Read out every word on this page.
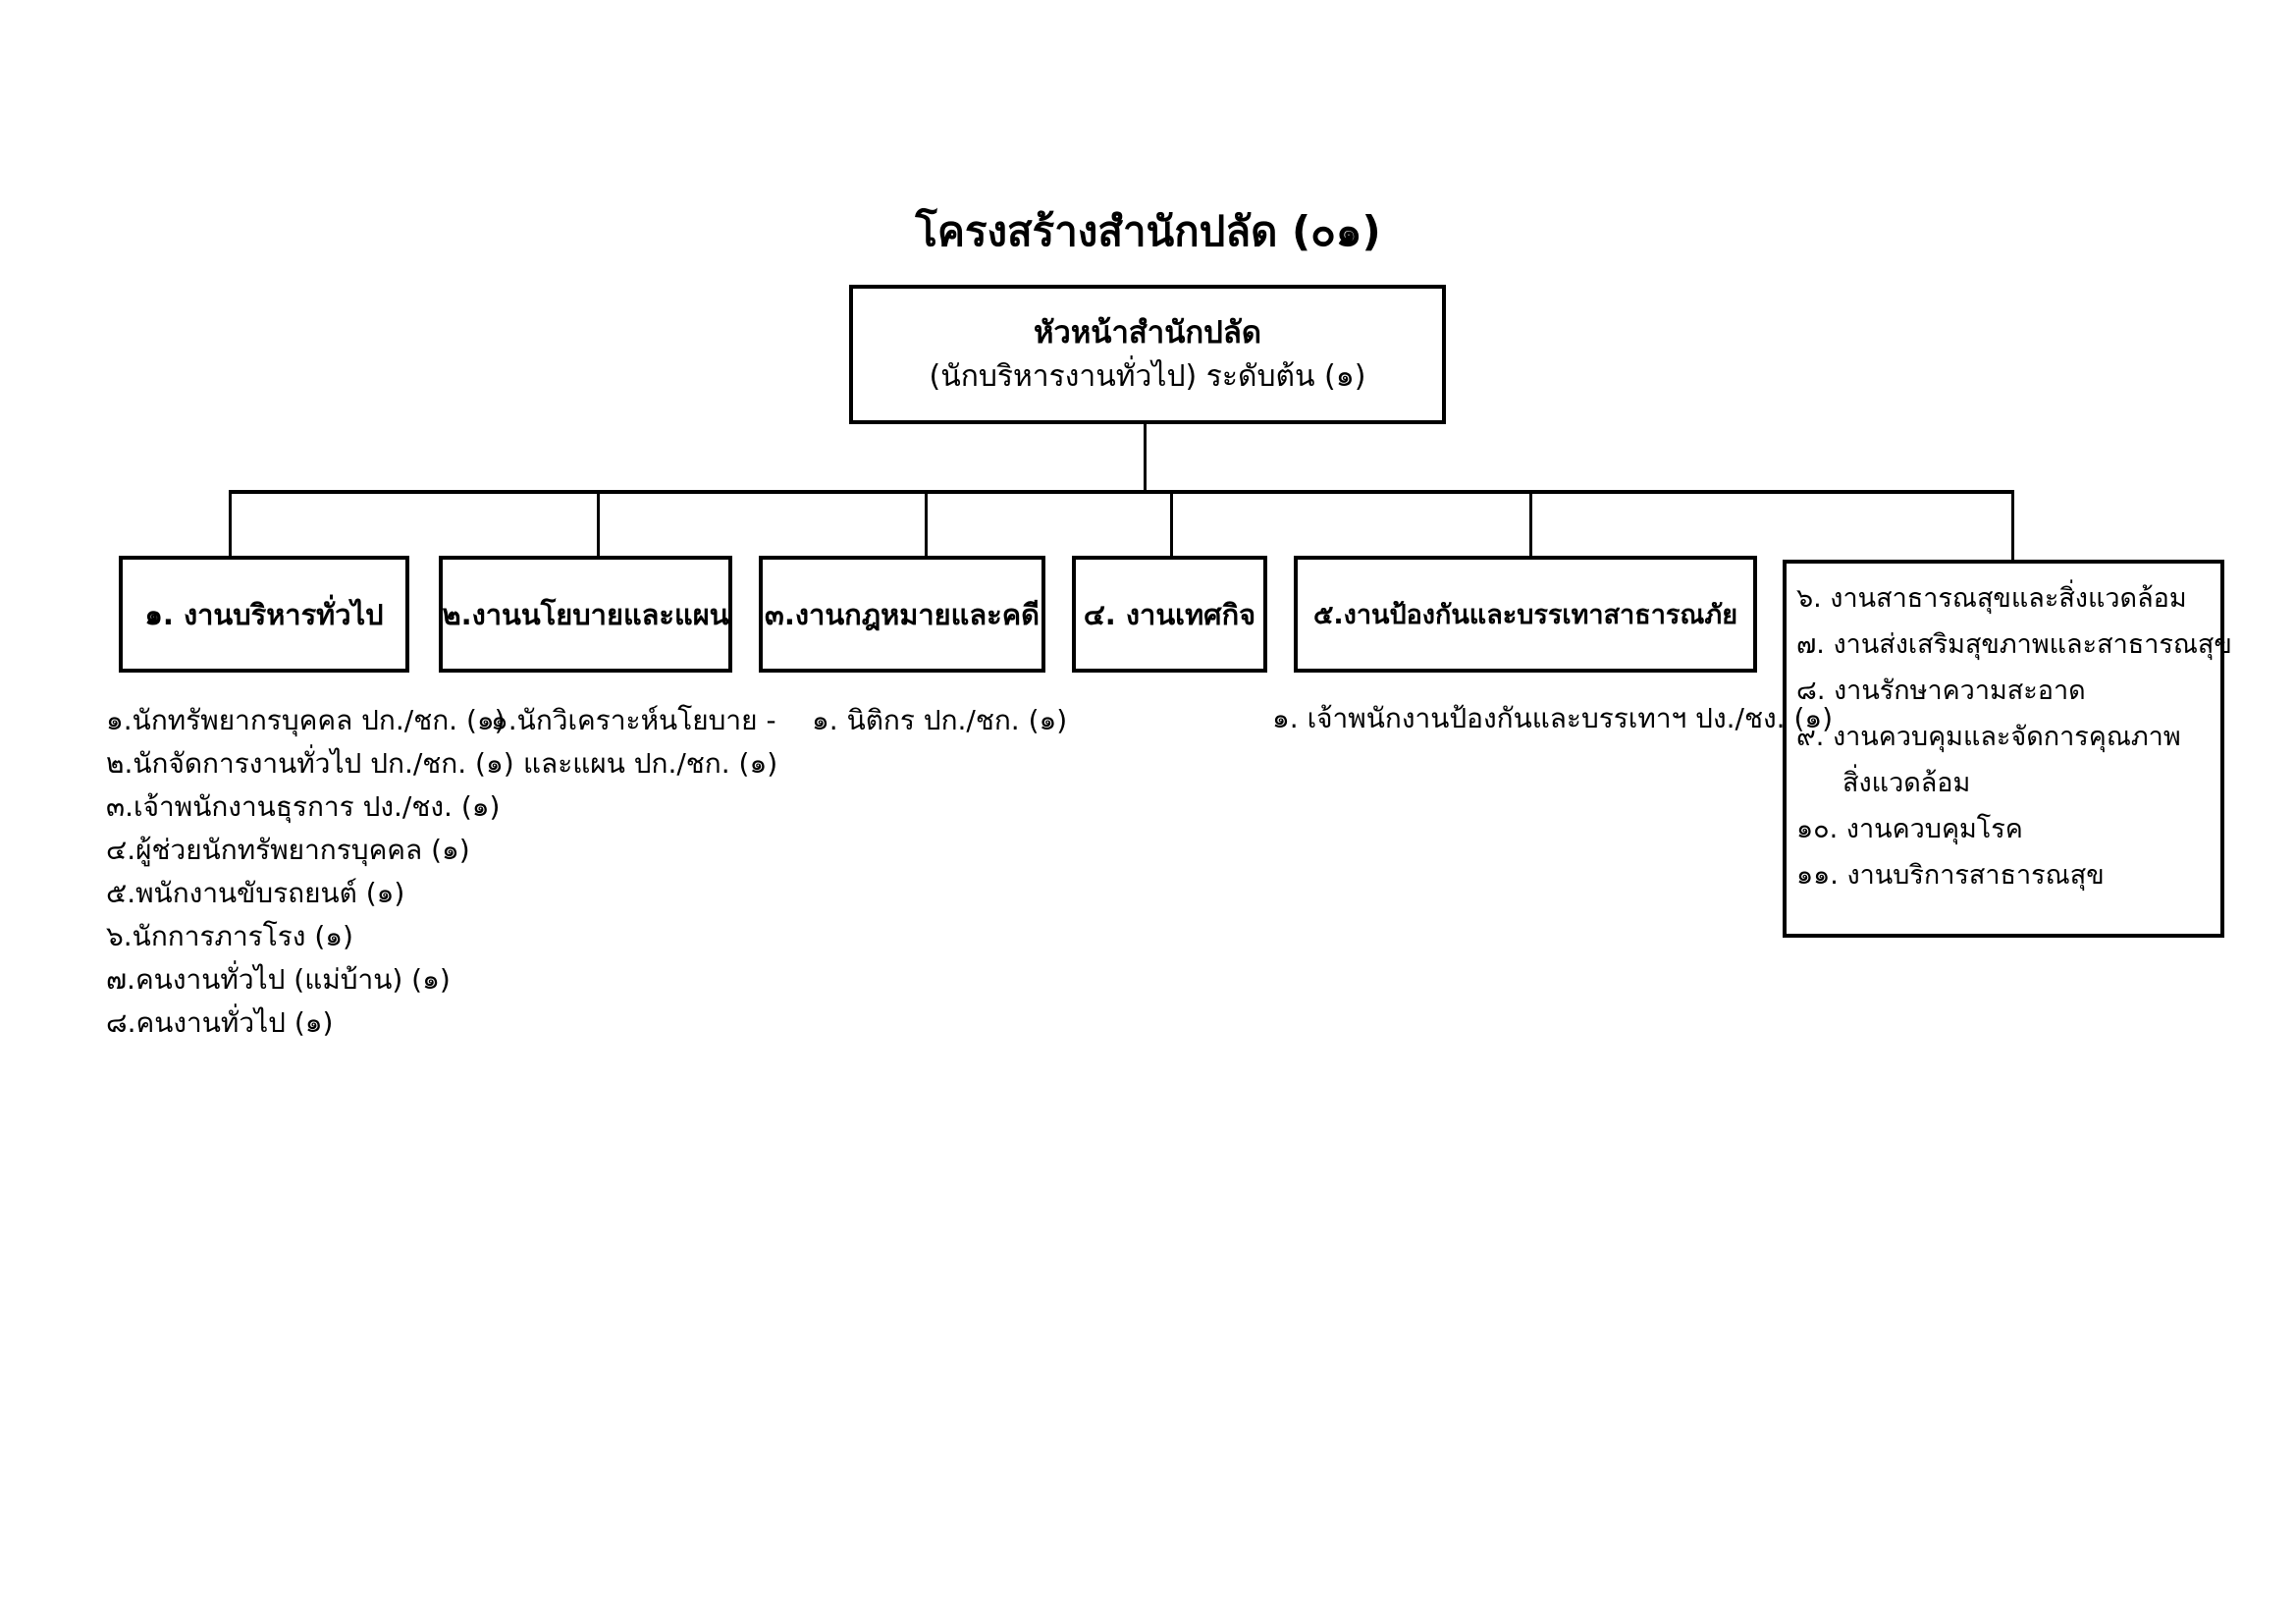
โครงสร้างสำนักปลัด (๐๑)
หัวหน้าสำนักปลัด
(นักบริหารงานทั่วไป) ระดับต้น (๑)
๑. งานบริหารทั่วไป	๒.งานนโยบายและแผน ๓.งานกฎหมายและคดี	๔. งานเทศกิจ	๕.งานป้องกันและบรรเทาสาธารณภัย
๖. งานสาธารณสุขและสิ่งแวดล้อม
๗. งานส่งเสริมสุขภาพและสาธารณสุข
๘. งานรักษาความสะอาด
๙. งานควบคุมและจัดการคุณภาพ
สิ่งแวดล้อม
๑๐. งานควบคุมโรค
๑๑. งานบริการสาธารณสุข
๑.นักทรัพยากรบุคคล ปก./ชก. (๑)
๒.นักจัดการงานทั่วไป ปก./ชก. (๑)
๓.เจ้าพนักงานธุรการ ปง./ชง. (๑)
๔.ผู้ช่วยนักทรัพยากรบุคคล (๑)
๕.พนักงานขับรถยนต์ (๑)
๖.นักการภารโรง (๑)
๗.คนงานทั่วไป (แม่บ้าน) (๑)
๘.คนงานทั่วไป (๑)
๑.นักวิเคราะห์นโยบาย -
และแผน ปก./ชก. (๑)
๑. นิติกร ปก./ชก. (๑)	๑. เจ้าพนักงานป้องกันและบรรเทาฯ ปง./ชง. (๑)
